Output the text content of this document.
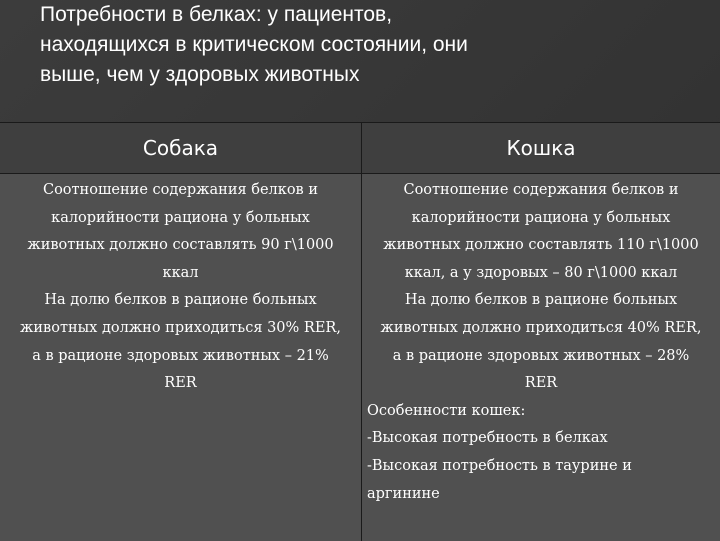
Потребности в белках: у пациентов,
находящихся в критическом состоянии, они
выше, чем у здоровых животных
Собака	Кошка
Соотношение содержания белков и
калорийности рациона у больных
животных должно составлять 90 г\1000
ккал
На долю белков в рационе больных
животных должно приходиться 30% RER,
а в рационе здоровых животных – 21%
RER
Соотношение содержания белков и
калорийности рациона у больных
животных должно составлять 110 г\1000
ккал, а у здоровых – 80 г\1000 ккал
На долю белков в рационе больных
животных должно приходиться 40% RER,
а в рационе здоровых животных – 28%
RER
Особенности кошек:
-Высокая потребность в белках
-Высокая потребность в таурине и
аргинине
